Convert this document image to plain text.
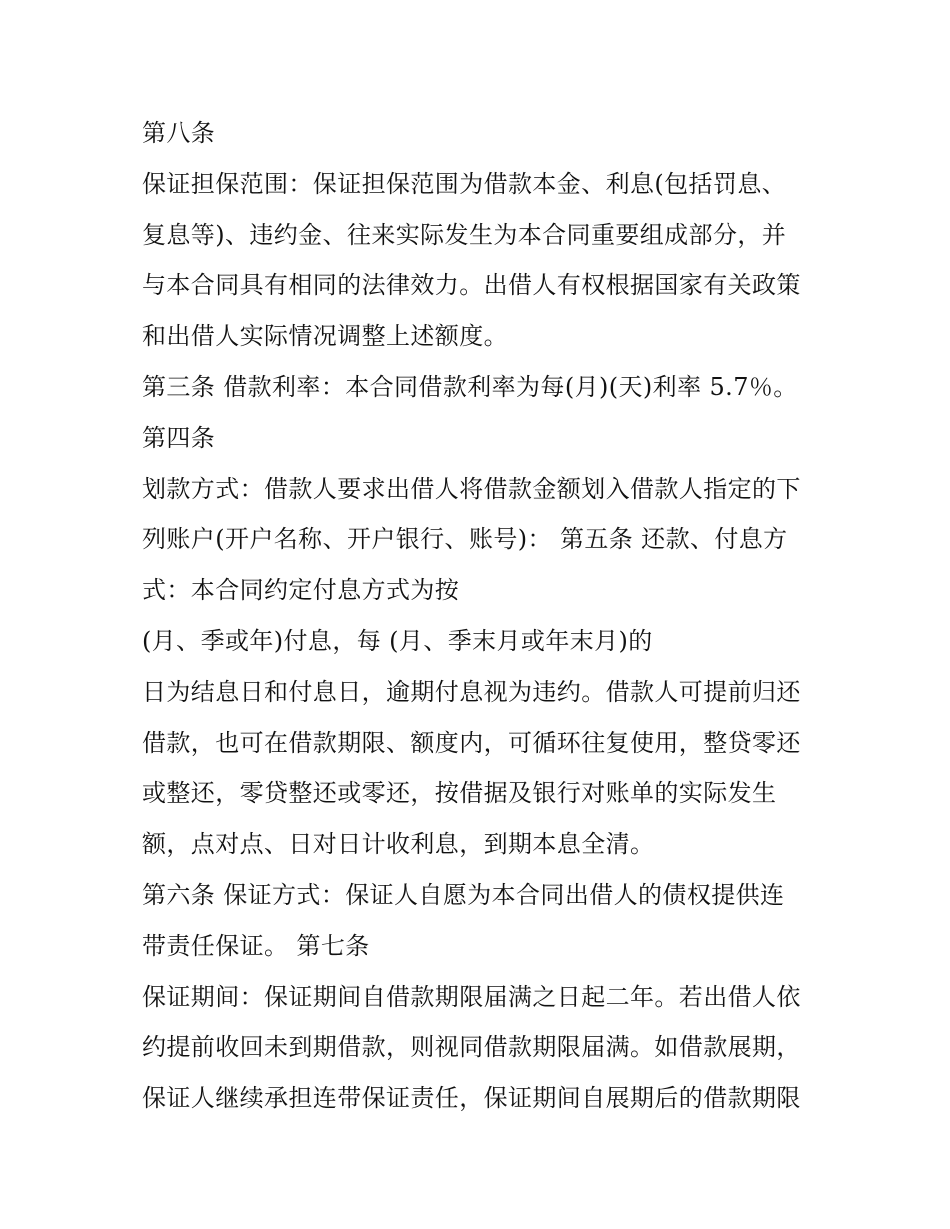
第八条
保证担保范围：保证担保范围为借款本金、利息(包括罚息、
复息等)、违约金、往来实际发生为本合同重要组成部分，并
与本合同具有相同的法律效力。出借人有权根据国家有关政策
和出借人实际情况调整上述额度。
第三条 借款利率：本合同借款利率为每(月)(天)利率 5.7％。
第四条
划款方式：借款人要求出借人将借款金额划入借款人指定的下
列账户(开户名称、开户银行、账号)： 第五条 还款、付息方
式：本合同约定付息方式为按
(月、季或年)付息，每 (月、季末月或年末月)的
日为结息日和付息日，逾期付息视为违约。借款人可提前归还
借款，也可在借款期限、额度内，可循环往复使用，整贷零还
或整还，零贷整还或零还，按借据及银行对账单的实际发生
额，点对点、日对日计收利息，到期本息全清。
第六条 保证方式：保证人自愿为本合同出借人的债权提供连
带责任保证。 第七条
保证期间：保证期间自借款期限届满之日起二年。若出借人依
约提前收回未到期借款，则视同借款期限届满。如借款展期，
保证人继续承担连带保证责任，保证期间自展期后的借款期限
